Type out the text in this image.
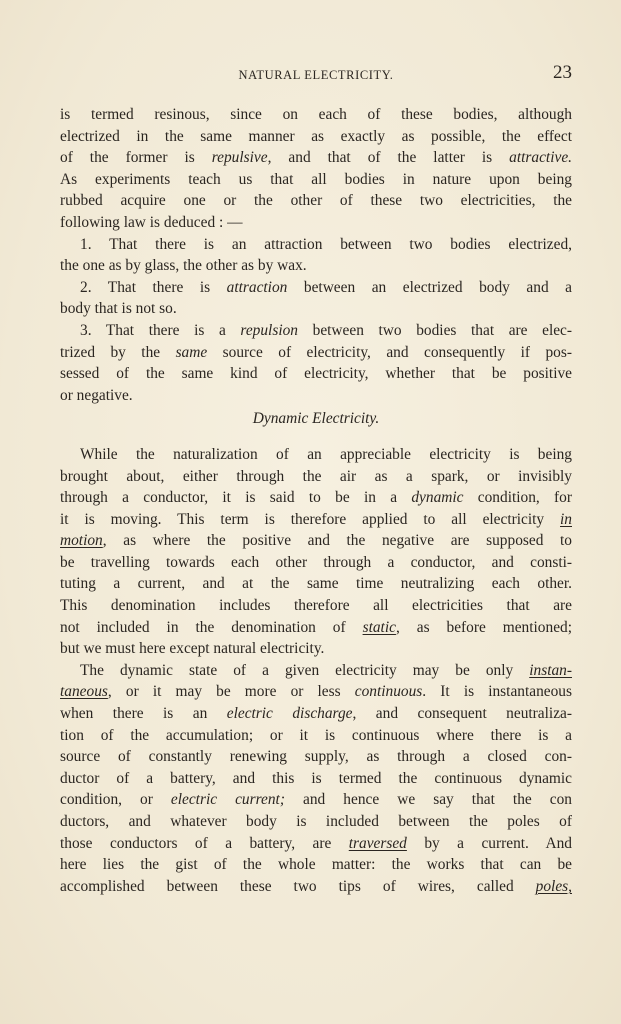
NATURAL ELECTRICITY.	23
is termed resinous, since on each of these bodies, although
electrized in the same manner as exactly as possible, the effect
of the former is repulsive, and that of the latter is attractive.
As experiments teach us that all bodies in nature upon being
rubbed acquire one or the other of these two electricities, the
following law is deduced : —
1. That there is an attraction between two bodies electrized,
the one as by glass, the other as by wax.
2. That there is attraction between an electrized body and a
body that is not so.
3. That there is a repulsion between two bodies that are elec-
trized by the same source of electricity, and consequently if pos-
sessed of the same kind of electricity, whether that be positive
or negative.
Dynamic Electricity.
While the naturalization of an appreciable electricity is being
brought about, either through the air as a spark, or invisibly
through a conductor, it is said to be in a dynamic condition, for
it is moving. This term is therefore applied to all electricity in
motion, as where the positive and the negative are supposed to
be travelling towards each other through a conductor, and consti-
tuting a current, and at the same time neutralizing each other.
This denomination includes therefore all electricities that are
not included in the denomination of static, as before mentioned;
but we must here except natural electricity.
The dynamic state of a given electricity may be only instan-
taneous, or it may be more or less continuous. It is instantaneous
when there is an electric discharge, and consequent neutraliza-
tion of the accumulation; or it is continuous where there is a
source of constantly renewing supply, as through a closed con-
ductor of a battery, and this is termed the continuous dynamic
condition, or electric current; and hence we say that the con
ductors, and whatever body is included between the poles of
those conductors of a battery, are traversed by a current. And
here lies the gist of the whole matter: the works that can be
accomplished between these two tips of wires, called poles,
